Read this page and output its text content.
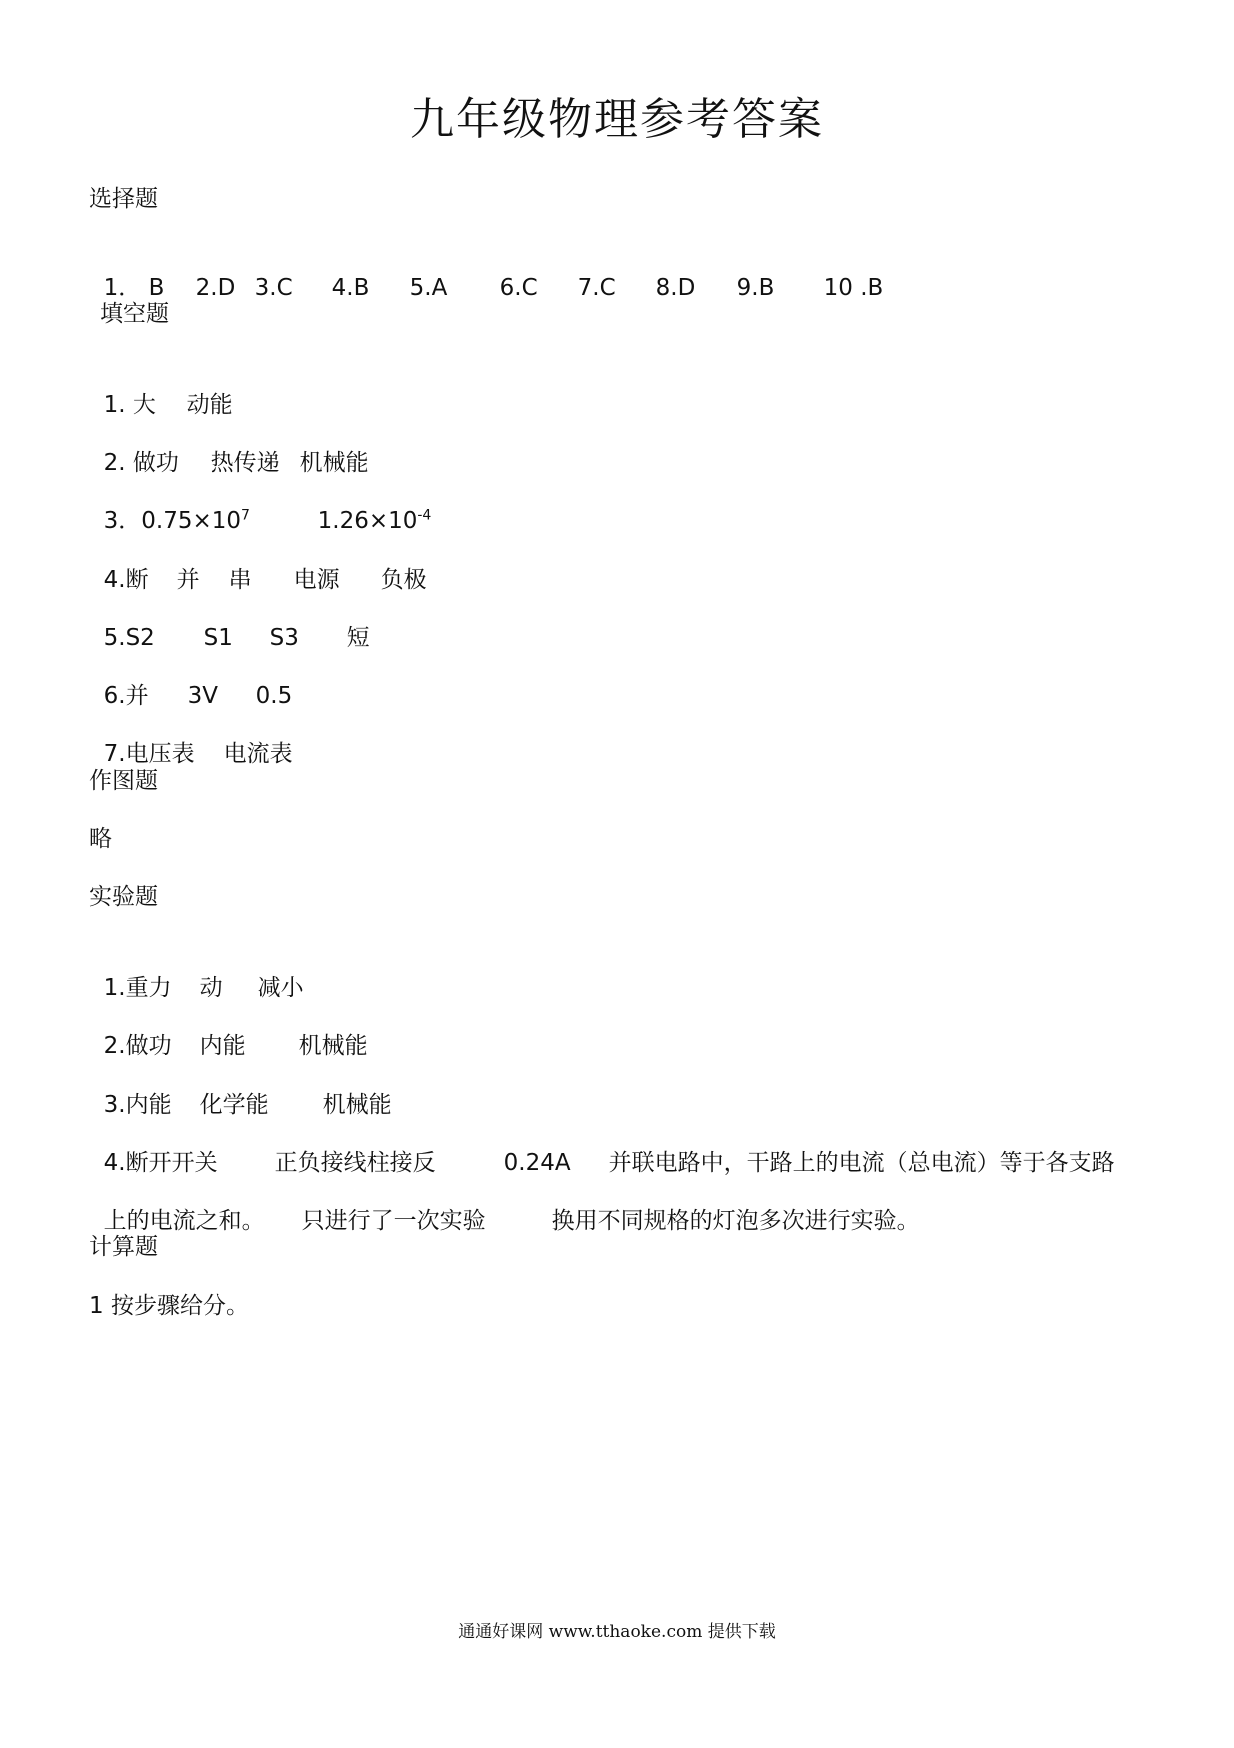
九年级物理参考答案
选择题

1． B 2.D 3.C 4.B 5.A 6.C 7.C 8.D 9.B 10 .B

填空题

1. 大 动能

2. 做功 热传递 机械能

3．$0.75\times 10^7$	$1.26\times 10^{-4}$

4.断 并 串 电源 负极

5.S2 S1 S3 短

6.并 3V 0.5

7.电压表 电流表

作图题
略
实验题

1.重力 动 减小

2.做功 内能 机械能

3.内能 化学能 机械能

4.断开开关 正负接线柱接反	0.24A 并联电路中，干路上的电流（总电流）等于各支路

上的电流之和。 只进行了一次实验	换用不同规格的灯泡多次进行实验。

计算题
1 按步骤给分。
通通好课网 www.tthaoke.com 提供下载
